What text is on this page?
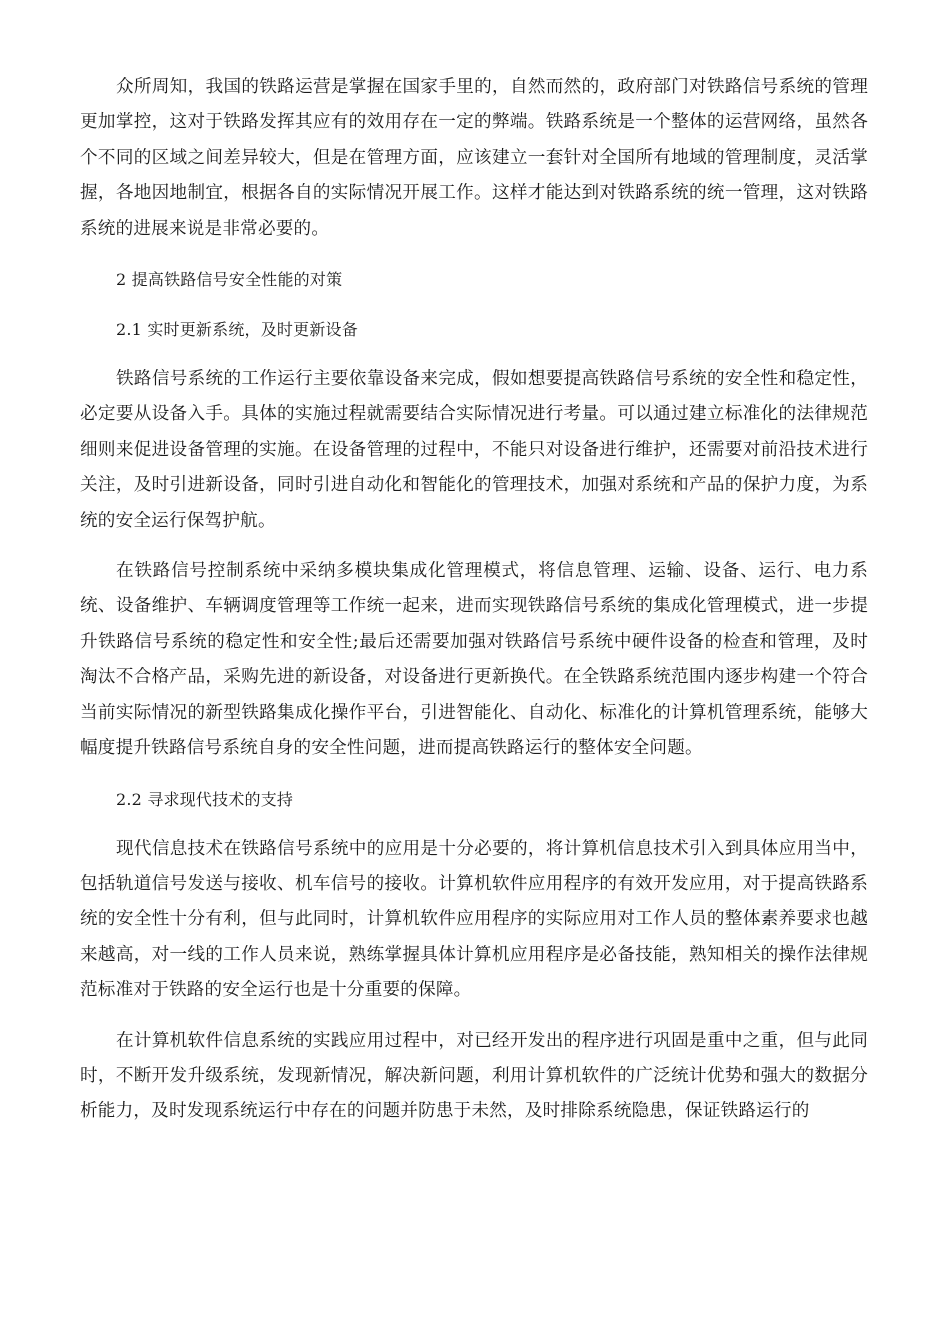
众所周知，我国的铁路运营是掌握在国家手里的，自然而然的，政府部门对铁路信号系统的管理更加掌控，这对于铁路发挥其应有的效用存在一定的弊端。铁路系统是一个整体的运营网络，虽然各个不同的区域之间差异较大，但是在管理方面，应该建立一套针对全国所有地域的管理制度，灵活掌握，各地因地制宜，根据各自的实际情况开展工作。这样才能达到对铁路系统的统一管理，这对铁路系统的进展来说是非常必要的。

2 提高铁路信号安全性能的对策

2.1 实时更新系统，及时更新设备

铁路信号系统的工作运行主要依靠设备来完成，假如想要提高铁路信号系统的安全性和稳定性，必定要从设备入手。具体的实施过程就需要结合实际情况进行考量。可以通过建立标准化的法律规范细则来促进设备管理的实施。在设备管理的过程中，不能只对设备进行维护，还需要对前沿技术进行关注，及时引进新设备，同时引进自动化和智能化的管理技术，加强对系统和产品的保护力度，为系统的安全运行保驾护航。

在铁路信号控制系统中采纳多模块集成化管理模式，将信息管理、运输、设备、运行、电力系统、设备维护、车辆调度管理等工作统一起来，进而实现铁路信号系统的集成化管理模式，进一步提升铁路信号系统的稳定性和安全性;最后还需要加强对铁路信号系统中硬件设备的检查和管理，及时淘汰不合格产品，采购先进的新设备，对设备进行更新换代。在全铁路系统范围内逐步构建一个符合当前实际情况的新型铁路集成化操作平台，引进智能化、自动化、标准化的计算机管理系统，能够大幅度提升铁路信号系统自身的安全性问题，进而提高铁路运行的整体安全问题。

2.2 寻求现代技术的支持

现代信息技术在铁路信号系统中的应用是十分必要的，将计算机信息技术引入到具体应用当中，包括轨道信号发送与接收、机车信号的接收。计算机软件应用程序的有效开发应用，对于提高铁路系统的安全性十分有利，但与此同时，计算机软件应用程序的实际应用对工作人员的整体素养要求也越来越高，对一线的工作人员来说，熟练掌握具体计算机应用程序是必备技能，熟知相关的操作法律规范标准对于铁路的安全运行也是十分重要的保障。

在计算机软件信息系统的实践应用过程中，对已经开发出的程序进行巩固是重中之重，但与此同时，不断开发升级系统，发现新情况，解决新问题，利用计算机软件的广泛统计优势和强大的数据分析能力，及时发现系统运行中存在的问题并防患于未然，及时排除系统隐患，保证铁路运行的
